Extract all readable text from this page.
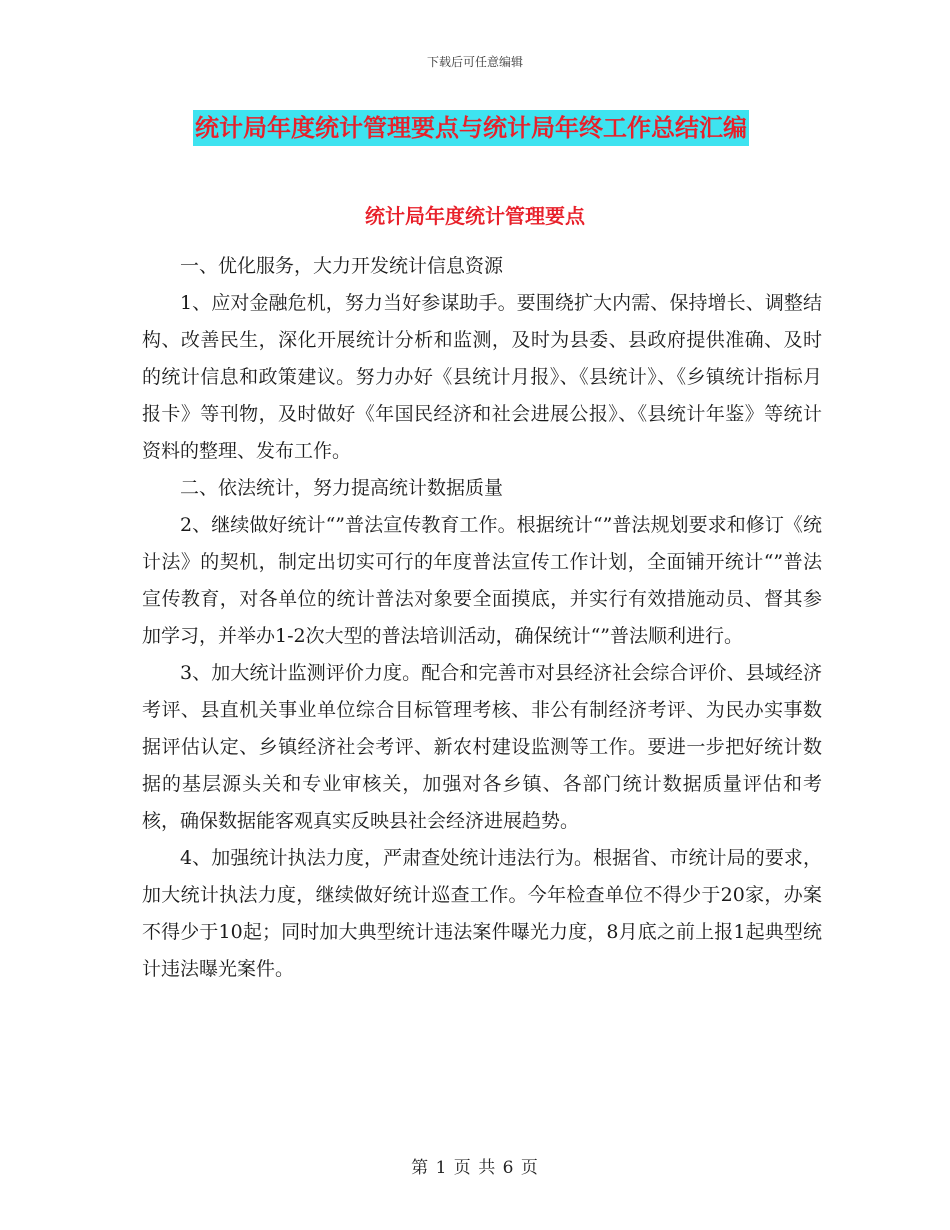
下载后可任意编辑
统计局年度统计管理要点与统计局年终工作总结汇编
统计局年度统计管理要点

一、优化服务，大力开发统计信息资源

1、应对金融危机，努力当好参谋助手。要围绕扩大内需、保持增长、调整结构、改善民生，深化开展统计分析和监测，及时为县委、县政府提供准确、及时的统计信息和政策建议。努力办好《县统计月报》、《县统计》、《乡镇统计指标月报卡》等刊物，及时做好《年国民经济和社会进展公报》、《县统计年鉴》等统计资料的整理、发布工作。

二、依法统计，努力提高统计数据质量

2、继续做好统计“”普法宣传教育工作。根据统计“”普法规划要求和修订《统计法》的契机，制定出切实可行的年度普法宣传工作计划，全面铺开统计“”普法宣传教育，对各单位的统计普法对象要全面摸底，并实行有效措施动员、督其参加学习，并举办1-2次大型的普法培训活动，确保统计“”普法顺利进行。

3、加大统计监测评价力度。配合和完善市对县经济社会综合评价、县域经济考评、县直机关事业单位综合目标管理考核、非公有制经济考评、为民办实事数据评估认定、乡镇经济社会考评、新农村建设监测等工作。要进一步把好统计数据的基层源头关和专业审核关，加强对各乡镇、各部门统计数据质量评估和考核，确保数据能客观真实反映县社会经济进展趋势。

4、加强统计执法力度，严肃查处统计违法行为。根据省、市统计局的要求，加大统计执法力度，继续做好统计巡查工作。今年检查单位不得少于20家，办案不得少于10起；同时加大典型统计违法案件曝光力度，8月底之前上报1起典型统计违法曝光案件。

第 1 页 共 6 页
